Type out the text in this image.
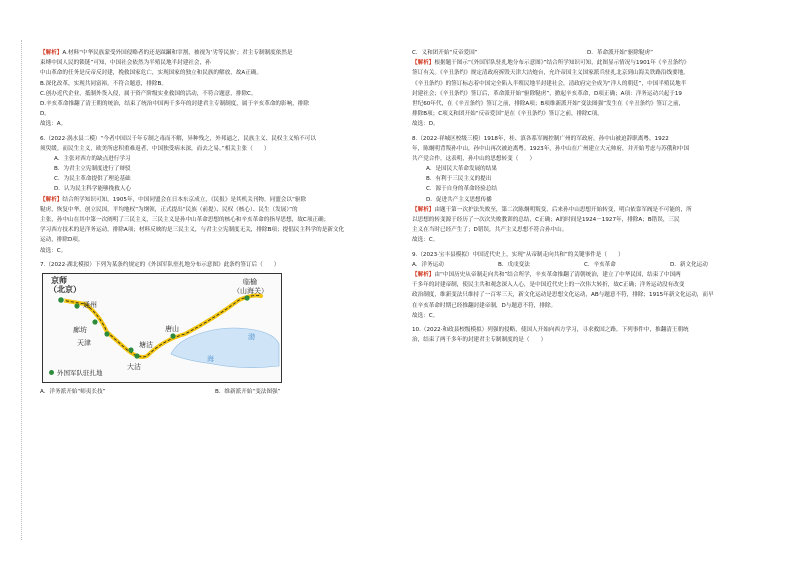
【解析】A.材料“中华民族蒙受外国侵略者的还是踩躏和宰割，被视为‘劣等民族’；君主专制制度依然是
束缚中国人民的锁链”可知，中国社会依然为半殖民地半封建社会，孙
中山革命的任务是反帝反封建，挽救国家危亡，实现国家的独立和民族的解放，故A正确。
B.深化改革，实现共同富裕，不符合题意，排除B。
C.创办近代企业，抵制外货入侵，属于资产阶级实业救国的活动，不符合题意，排除C。
D.辛亥革命推翻了清王朝的统治，结束了统治中国两千多年的封建君主专制制度，属于辛亥革命的影响，排除
D。
故选：A。
6.（2022·涡水县二模）“今者中国以千年专制之毒而不解，异种残之，外邦逼之，民族主义、民权主义殆不可以
须臾缓。而民生主义，欧美所虑积重难返者，中国独受病未深，而去之易。”相关主张（　　）
A．主张对西方的缺点进行学习
B．为君主立宪制度进行了辩驳
C．为民主革命提供了理论基础
D．认为民主科学能够挽救人心
【解析】结合所学知识可知，1905年，中国同盟会在日本东京成立，《民报》是其机关刊物。同盟会以“驱除
鞑虏，恢复中华，创立民国，平均地权”为纲领，正式提出“民族（前提）、民权（核心）、民生（发展）”的
主张，孙中山在其中第一次阐明了三民主义，三民主义是孙中山革命思想的核心和辛亥革命的指导思想，故C项正确；
学习西方技术的是洋务运动，排除A项；材料反映的是三民主义，与君主立宪制度无关，排除B项；提倡民主科学的是新文化
运动，排除D项。
故选：C。
7.（2022·湖北模拟）下列为某条约规定的《外国军队驻扎地分布示意图》此条约签订后（　　）
京师
（北京）
通州
廊坊
天津	塘沽
大沽
唐山
临榆
（山海关）
渤
海
外国军队驻扎地
A．洋务派开始“师夷长技”	B．维新派开始“变法图强”
C．义和团开始“反帝爱国”	D．革命派开始“驱除鞑虏”
【解析】根据题干图示“《外国军队驻扎地分布示意图》”结合所学知识可知，此图显示情况与1901年《辛丑条约》
签订有关。《辛丑条约》规定清政府拆毁天津大沽炮台，允许帝国主义国家派兵驻扎北京到山海关铁路沿线要地。
《辛丑条约》的签订标志着中国完全陷入半殖民地半封建社会，清政府完全成为“洋人的朝廷”，中国半殖民地半
封建社会；《辛丑条约》签订后，革命派开始“驱除鞑虏”，掀起辛亥革命，D项正确；A项：洋务运动兴起于19
世纪60年代，在《辛丑条约》签订之前，排除A项；B项维新派开始“变法图强”发生在《辛丑条约》签订之前，
排除B项；C项义和团开始“反帝爱国”是在《辛丑条约》签订之前，排除C项。
故选：D。
8.（2022·祥城区校级三模）1918年，桂、滇各系军阀控制广州的军政府，孙中山被迫辞职离粤。1922
年，陈炯明背叛孙中山，孙中山再次被迫离粤。1923年，孙中山在广州建立大元帅府，并开始考虑与苏俄和中国
共产党合作。这表明，孙中山的思想转变（　　）
A．是国民大革命发展的结果
B．有利于三民主义的提出
C．源于自身的革命经验总结
D．促进共产主义思想传播
【解析】由题干第一次护法失败至，第二次陈炯明叛变，后来孙中山思想开始转变，明白依靠军阀是不可能的，所
以思想的转变源于经历了一次次失败教训的总结，C正确；A的时间是1924－1927年，排除A；B错误，三民
主义在当时已经产生了；D错误，共产主义思想不符合孙中山。
故选：C。
9.（2023·宝丰县模拟）中国近代史上，实现“从帝制走向共和”的关键事件是（　　）
A．洋务运动	B．戊戌变法	C．辛亥革命	D．新文化运动
【解析】由“中国历史从帝制走向共和”结合所学，辛亥革命推翻了清朝统治，建立了中华民国，结束了中国两
千多年的封建帝制，使民主共和观念深入人心，是中国近代史上的一次伟大转折，故C正确；洋务运动没有改变
政治制度，维新变法只维持了一百零三天，新文化运动是思想文化运动，AB与题意不符，排除；1915年新文化运动，而早
在辛亥革命时期已经推翻封建帝制，D与题意不符，排除。
故选：C。
10.（2022·和政县校级模拟）列强的侵略，使国人开始向西方学习，寻求救国之路。下列事件中，推翻清王朝统
治，结束了两千多年的封建君主专制制度的是（　　）
